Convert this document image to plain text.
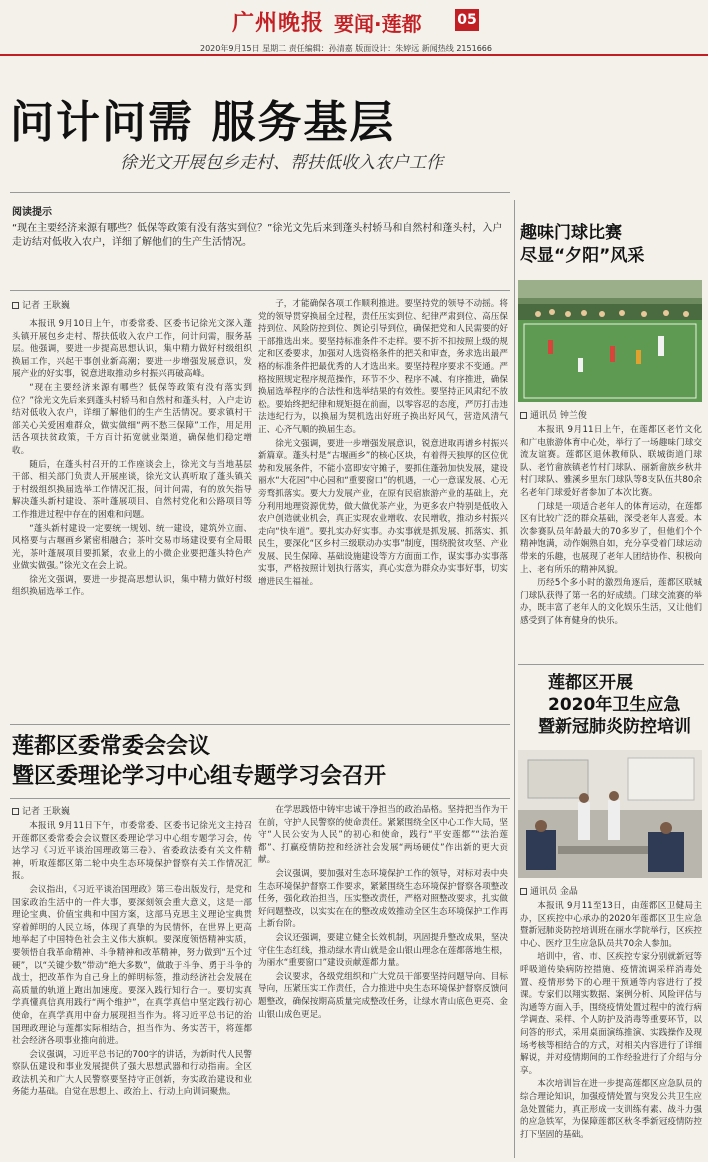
广州晚报 要闻·莲都	05
2020年9月15日 星期二 责任编辑：孙清嘉 版面设计：朱婷远 新闻热线 2151666
问计问需 服务基层
徐光文开展包乡走村、帮扶低收入农户工作
阅读提示
“现在主要经济来源有哪些？低保等政策有没有落实到位？”徐光文先后来到蓬头村轿马和自然村和蓬头村，入户走访结对低收入农户，详细了解他们的生产生活情况。
记者 王耿巍

本报讯 9月10日上午，市委常委、区委书记徐光文深入蓬头镇开展包乡走村、帮扶低收入农户工作，问计问需，服务基层。他强调，要进一步提高思想认识，集中精力做好村级组织换届工作，兴起干事创业新高潮；要进一步增强发展意识，发展产业的好实事，锐意进取推动乡村振兴再破高峰。

“现在主要经济来源有哪些？低保等政策有没有落实到位？”徐光文先后来到蓬头村轿马和自然村和蓬头村，入户走访结对低收入农户，详细了解他们的生产生活情况。要求镇村干部关心关爱困难群众，做实做细“两不愁三保障”工作，用足用活各项扶贫政策，千方百计拓宽就业渠道，确保他们稳定增收。

随后，在蓬头村召开的工作座谈会上，徐光文与当地基层干部、相关部门负责人开展座谈，徐光文认真听取了蓬头镇关于村级组织换届选举工作情况汇报，问计问需，有的放矢指导解决蓬头新村建设、茶叶蓬展项目、自然村党化和公路项目等工作推进过程中存在的困难和问题。

“蓬头新村建设一定要统一规划、统一建设，建筑外立面、风格要与古堰画乡紧密相融合；茶叶交易市场建设要有全局眼光，茶叶蓬展项目要抓紧，农业上的小微企业要把蓬头特色产业做实做强。”徐光文在会上说。

徐光文强调，要进一步提高思想认识，集中精力做好村级组织换届选举工作。

子，才能确保各项工作顺利推进。要坚持党的领导不动摇。将党的领导贯穿换届全过程，责任压实到位、纪律严肃到位、高压保持到位、风险防控到位、舆论引导到位，确保把党和人民需要的好干部推选出来。要坚持标准条件不走样。要不折不扣按照上级的规定和区委要求，加强对人选资格条件的把关和审查，务求选出最严格的标准条件把最优秀的人才选出来。要坚持程序要求不变通。严格按照规定程序规范操作，环节不少、程序不减、有序推进，确保换届选举程序的合法性和选举结果的有效性。要坚持正风肃纪不放松。要始终把纪律和规矩挺在前面，以零容忍的态度，严厉打击违法违纪行为，以换届为契机选出好班子换出好风气，营造风清气正、心齐气顺的换届生态。

徐光文强调，要进一步增强发展意识，锐意进取再谱乡村振兴新篇章。蓬头村是“古堰画乡”的核心区块，有着得天独厚的区位优势和发展条件，不能小富即安守摊子，要抓住蓬勃加快发展，建设丽水“大花园”中心园和“重要窗口”的机遇，一心一意谋发展、心无旁骛抓落实。要大力发展产业，在原有民宿旅游产业的基础上，充分利用地理资源优势，做大做优茶产业，为更多农户特别是低收入农户创造就业机会，真正实现农业增收、农民增收，推动乡村振兴走向“快车道”。要扎实办好实事。办实事就是抓发展、抓落实、抓民生，要深化“区乡村三级联动办实事”制度，围绕脱贫攻坚、产业发展、民生保障、基础设施建设等方方面面工作，谋实事办实事落实事，严格按照计划执行落实，真心实意为群众办实事好事，切实增进民生福祉。

莲都区委常委会会议
暨区委理论学习中心组专题学习会召开
记者 王耿巍

本报讯 9月11日下午，市委常委、区委书记徐光文主持召开莲都区委常委会会议暨区委理论学习中心组专题学习会，传达学习《习近平谈治国理政第三卷》、省委政法委有关文件精神，听取莲都区第二轮中央生态环境保护督察有关工作情况汇报。

会议指出，《习近平谈治国理政》第三卷出版发行，是党和国家政治生活中的一件大事，要深刻领会重大意义，这是一部理论宝典、价值宝典和中国方案，这部马克思主义理论宝典贯穿着鲜明的人民立场，体现了真挚的为民情怀，在世界上更高地举起了中国特色社会主义伟大旗帜。要深度领悟精神实质，要领悟自我革命精神、斗争精神和改革精神，努力做到“五个过硬”，以“关键少数”带动“绝大多数”，做敢于斗争、勇于斗争的战士，把改革作为自己身上的鲜明标签，推动经济社会发展在高质量的轨道上跑出加速度。要深入践行知行合一。要切实真学真懂真信真用践行“两个维护”，在真学真信中坚定践行初心使命，在真学真用中奋力展现担当作为。将习近平总书记的治国理政理论与莲都实际相结合，担当作为、务实苦干，将莲都社会经济各项事业推向前进。

会议强调，习近平总书记的700字的讲话，为新时代人民警察队伍建设和事业发展提供了强大思想武器和行动指南。全区政法机关和广大人民警察要坚持守正创新，夯实政治建设和业务能力基础。自觉在思想上、政治上、行动上向训词聚焦。

在学思践悟中铸牢忠诚干净担当的政治品格。坚持把当作为干在前，守护人民警察的使命责任。紧紧围绕全区中心工作大局，坚守“人民公安为人民”的初心和使命，践行“平安莲都”“法治莲都”、打赢疫情防控和经济社会发展“两场硬仗”作出新的更大贡献。

会议强调，要加强对生态环境保护工作的领导，对标对表中央生态环境保护督察工作要求，紧紧围绕生态环境保护督察各项整改任务，强化政治担当，压实整改责任，严格对照整改要求，扎实做好问题整改，以实实在在的整改成效推动全区生态环境保护工作再上新台阶。

会议还强调，要建立健全长效机制，巩固提升整改成果，坚决守住生态红线，推动绿水青山就是金山银山理念在莲都落地生根，为丽水“重要窗口”建设贡献莲都力量。

会议要求，各级党组织和广大党员干部要坚持问题导向、目标导向，压紧压实工作责任，合力推进中央生态环境保护督察反馈问题整改，确保按期高质量完成整改任务，让绿水青山底色更亮、金山银山成色更足。

趣味门球比赛
尽显“夕阳”风采
通讯员 钟兰俊

本报讯 9月11日上午，在莲都区老竹文化和广电旅游体育中心处，举行了一场趣味门球交流友谊赛。莲都区退休教师队、联城街道门球队、老竹畲族镇老竹村门球队、丽新畲族乡秋井村门球队、雅溪乡里东门球队等8支队伍共80余名老年门球爱好者参加了本次比赛。

门球是一项适合老年人的体育运动，在莲都区有比较广泛的群众基础，深受老年人喜爱。本次参赛队员年龄最大的70多岁了，但他们个个精神饱满，动作娴熟自如，充分享受着门球运动带来的乐趣，也展现了老年人团结协作、积极向上、老有所乐的精神风貌。

历经5个多小时的激烈角逐后，莲都区联城门球队获得了第一名的好成绩。门球交流赛的举办，既丰富了老年人的文化娱乐生活，又让他们感受到了体育健身的快乐。

莲都区开展
2020年卫生应急
暨新冠肺炎防控培训
通讯员 金晶

本报讯 9月11至13日，由莲都区卫健局主办，区疾控中心承办的2020年莲都区卫生应急暨新冠肺炎防控培训班在丽水学院举行，区疾控中心、医疗卫生应急队员共70余人参加。

培训中，省、市、区疾控专家分别就新冠等呼吸道传染病防控措施、疫情流调采样消毒处置、疫情形势下的心理干预通等内容进行了授课。专家们以翔实数据、案例分析、风险评估与沟通等方面入手，围绕疫情处置过程中的流行病学调查、采样、个人防护及消毒等重要环节，以问答的形式，采用桌面演练推演、实践操作及现场考核等相结合的方式，对相关内容进行了详细解说，并对疫情期间的工作经验进行了介绍与分享。

本次培训旨在进一步提高莲都区应急队员的综合理论知识，加强疫情处置与突发公共卫生应急处置能力，真正形成一支训练有素、战斗力强的应急铁军，为保障莲都区秋冬季新冠疫情防控打下坚固的基础。
